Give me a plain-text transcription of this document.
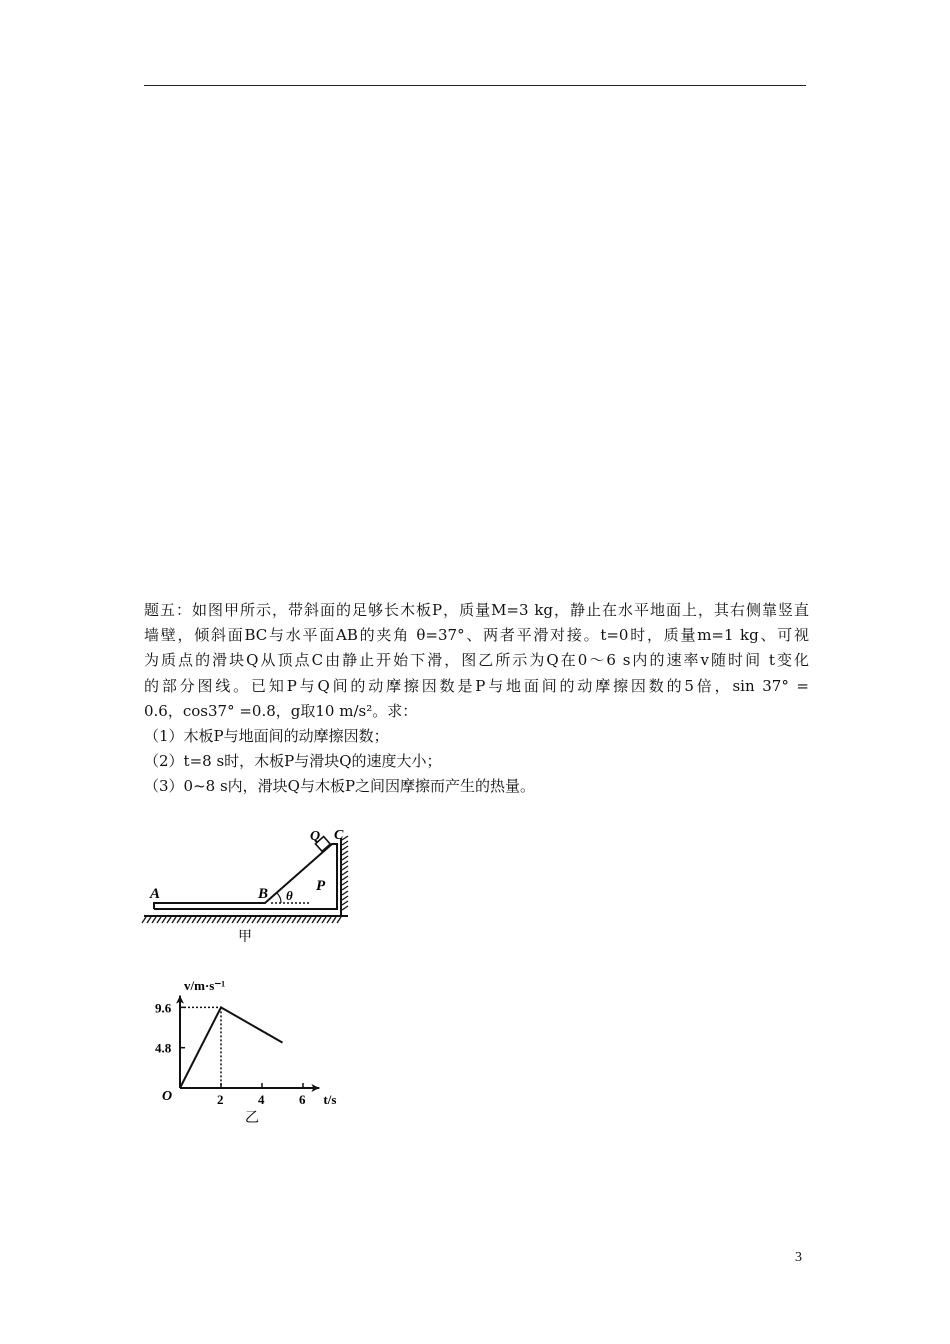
题五：如图甲所示，带斜面的足够长木板P，质量M=3 kg，静止在水平地面上，其右侧靠竖直

墙壁，倾斜面BC与水平面AB的夹角 θ=37°、两者平滑对接。t=0时，质量m=1 kg、可视

为质点的滑块Q从顶点C由静止开始下滑，图乙所示为Q在0～6 s内的速率v随时间 t变化

的部分图线。已知P与Q间的动摩擦因数是P与地面间的动摩擦因数的5倍，sin 37° =

0.6，cos37° =0.8，g取10 m/s²。求：

（1）木板P与地面间的动摩擦因数；

（2）t=8 s时，木板P与滑块Q的速度大小；

（3）0~8 s内，滑块Q与木板P之间因摩擦而产生的热量。

A	B θ
P
Q C
甲
2	4	6
4.8
9.6
O
v/m·s⁻¹
t/s
乙
3
